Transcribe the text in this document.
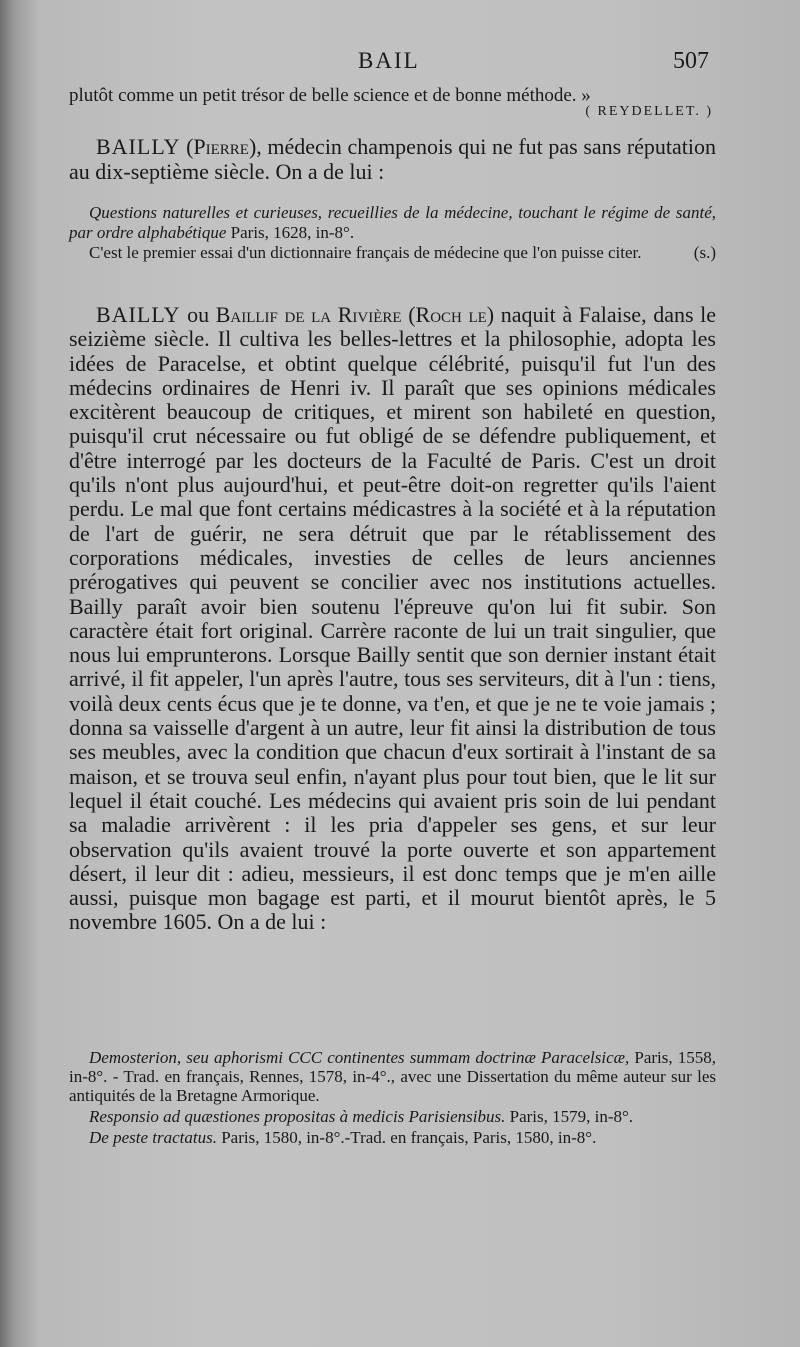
BAIL	507
plutôt comme un petit trésor de belle science et de bonne méthode. »
( REYDELLET. )
BAILLY (Pierre), médecin champenois qui ne fut pas sans réputation au dix-septième siècle. On a de lui :

Questions naturelles et curieuses, recueillies de la médecine, touchant le régime de santé, par ordre alphabétique Paris, 1628, in-8°.

C'est le premier essai d'un dictionnaire français de médecine que l'on puisse citer.	(s.)

BAILLY ou Baillif de la Rivière (Roch le) naquit à Falaise, dans le seizième siècle. Il cultiva les belles-lettres et la philosophie, adopta les idées de Paracelse, et obtint quelque célébrité, puisqu'il fut l'un des médecins ordinaires de Henri iv. Il paraît que ses opinions médicales excitèrent beaucoup de critiques, et mirent son habileté en question, puisqu'il crut nécessaire ou fut obligé de se défendre publiquement, et d'être interrogé par les docteurs de la Faculté de Paris. C'est un droit qu'ils n'ont plus aujourd'hui, et peut-être doit-on regretter qu'ils l'aient perdu. Le mal que font certains médicastres à la société et à la réputation de l'art de guérir, ne sera détruit que par le rétablissement des corporations médicales, investies de celles de leurs anciennes prérogatives qui peuvent se concilier avec nos institutions actuelles. Bailly paraît avoir bien soutenu l'épreuve qu'on lui fit subir. Son caractère était fort original. Carrère raconte de lui un trait singulier, que nous lui emprunterons. Lorsque Bailly sentit que son dernier instant était arrivé, il fit appeler, l'un après l'autre, tous ses serviteurs, dit à l'un : tiens, voilà deux cents écus que je te donne, va t'en, et que je ne te voie jamais ; donna sa vaisselle d'argent à un autre, leur fit ainsi la distribution de tous ses meubles, avec la condition que chacun d'eux sortirait à l'instant de sa maison, et se trouva seul enfin, n'ayant plus pour tout bien, que le lit sur lequel il était couché. Les médecins qui avaient pris soin de lui pendant sa maladie arrivèrent : il les pria d'appeler ses gens, et sur leur observation qu'ils avaient trouvé la porte ouverte et son appartement désert, il leur dit : adieu, messieurs, il est donc temps que je m'en aille aussi, puisque mon bagage est parti, et il mourut bientôt après, le 5 novembre 1605. On a de lui :

Demosterion, seu aphorismi CCC continentes summam doctrinæ Paracelsicæ, Paris, 1558, in-8°. - Trad. en français, Rennes, 1578, in-4°., avec une Dissertation du même auteur sur les antiquités de la Bretagne Armorique.

Responsio ad quæstiones propositas à medicis Parisiensibus. Paris, 1579, in-8°.

De peste tractatus. Paris, 1580, in-8°.-Trad. en français, Paris, 1580, in-8°.
